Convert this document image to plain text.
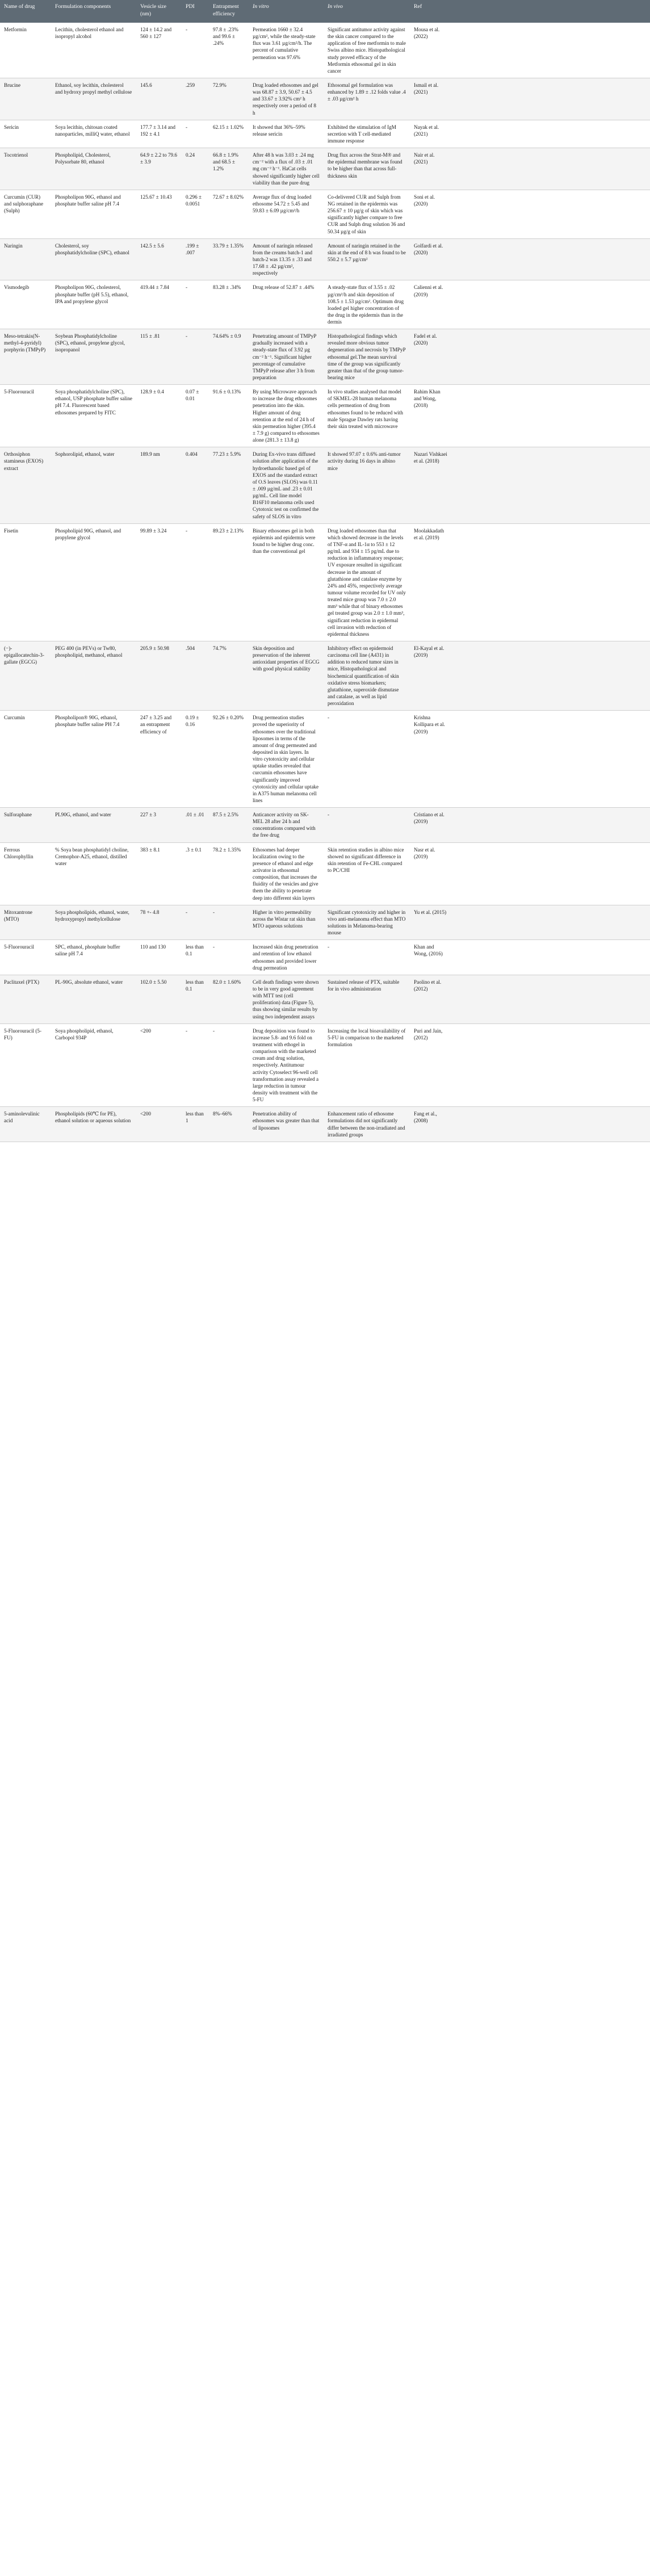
Name of drug	Formulation components	Vesicle size (nm)	PDI	Entrapment efficiency	In vitro	In vivo	Ref	
Metformin	Lecithin, cholesterol ethanol and isopropyl alcohol	124 ± 14.2 and 560 ± 127	-	97.8 ± .23% and 99.6 ± .24%	Permeation 1660 ± 32.4 µg/cm², while the steady-state flux was 3.61 µg/cm²/h. The percent of cumulative permeation was 97.6%	Significant antitumor activity against the skin cancer compared to the application of free metformin to male Swiss albino mice. Histopathological study proved efficacy of the Metformin ethosomal gel in skin cancer	Mousa et al. (2022)	
Brucine	Ethanol, soy lecithin, cholesterol and hydroxy propyl methyl cellulose	145.6	.259	72.9%	Drug loaded ethosomes and gel was 68.87 ± 3.9, 50.67 ± 4.5 and 33.67 ± 3.92% cm² h respectively over a period of 8 h	Ethosomal gel formulation was enhanced by 1.89 ± .12 folds value .4 ± .03 µg/cm² h	Ismail et al. (2021)	
Sericin	Soya lecithin, chitosan coated nanoparticles, milliQ water, ethanol	177.7 ± 3.14 and 192 ± 4.1	-	62.15 ± 1.02%	It showed that 36%–59% release sericin	Exhibited the stimulation of IgM secretion with T cell-mediated immune response	Nayak et al. (2021)	
Tocotrienol	Phospholipid, Cholesterol, Polysorbate 80, ethanol	64.9 ± 2.2 to 79.6 ± 3.9	0.24	66.8 ± 1.9% and 68.5 ± 1.2%	After 48 h was 3.03 ± .24 mg cm⁻² with a flux of .03 ± .01 mg cm⁻² h⁻¹. HaCat cells showed significantly higher cell viability than the pure drug	Drug flux across the Strat-M® and the epidermal membrane was found to be higher than that across full-thickness skin	Nair et al. (2021)	
Curcumin (CUR) and sulphoraphane (Sulph)	Phospholipon 90G, ethanol and phosphate buffer saline pH 7.4	125.67 ± 10.43	0.296 ± 0.0051	72.67 ± 8.02%	Average flux of drug loaded ethosome 54.72 ± 5.45 and 59.83 ± 6.09 µg/cm²/h	Co-delivered CUR and Sulph from NG retained in the epidermis was 256.67 ± 10 µg/g of skin which was significantly higher compare to free CUR and Sulph drug solution 36 and 50.34 µg/g of skin	Soni et al. (2020)	
Naringin	Cholesterol, soy phosphatidylcholine (SPC), ethanol	142.5 ± 5.6	.199 ± .007	33.79 ± 1.35%	Amount of naringin released from the creams batch-1 and batch-2 was 13.35 ± .33 and 17.68 ± .42 µg/cm², respectively	Amount of naringin retained in the skin at the end of 8 h was found to be 550.2 ± 5.7 µg/cm²	Golfardi et al. (2020)	
Vismodegib	Phospholipon 90G, cholesterol, phosphate buffer (pH 5.5), ethanol, IPA and propylene glycol	419.44 ± 7.84	-	83.28 ± .34%	Drug release of 52.87 ± .44%	A steady-state flux of 3.55 ± .02 µg/cm²/h and skin deposition of 108.5 ± 1.53 µg/cm². Optimum drug loaded gel higher concentration of the drug in the epidermis than in the dermis	Calienni et al. (2019)	
Meso-tetrakis(N-methyl-4-pyridyl) porphyrin (TMPyP)	Soybean Phosphatidylcholine (SPC), ethanol, propylene glycol, isopropanol	115 ± .81	-	74.64% ± 0.9	Penetrating amount of TMPyP gradually increased with a steady-state flux of 3.92 µg cm⁻² h⁻¹. Significant higher percentage of cumulative TMPyP release after 3 h from preparation	Histopathological findings which revealed more obvious tumor degeneration and necrosis by TMPyP ethosomal gel.The mean survival time of the group was significantly greater than that of the group tumor-bearing mice	Fadel et al. (2020)	
5-Fluorouracil	Soya phosphatidylcholine (SPC), ethanol, USP phosphate buffer saline pH 7.4. Fluorescent based ethosomes prepared by FITC	128.9 ± 0.4	0.07 ± 0.01	91.6 ± 0.13%	By using Microwave approach to increase the drug ethosomes penetration into the skin. Higher amount of drug retention at the end of 24 h of skin permeation higher (395.4 ± 7.9 g) compared to ethosomes alone (281.3 ± 13.8 g)	In vivo studies analysed that model of SKMEL-28 human melanoma cells permeation of drug from ethosomes found to be reduced with male Sprague Dawley rats having their skin treated with microwave	Rahim Khan and Wong, (2018)	
Orthosiphon stamineus (EXOS) extract	Sophorolipid, ethanol, water	189.9 nm	0.404	77.23 ± 5.9%	During Ex-vivo trans diffused solution after application of the hydroethanolic based gel of EXOS and the standard extract of O.S leaves (SLOS) was 0.11 ± .009 µg/mL and .23 ± 0.01 µg/mL. Cell line model B16F10 melanoma cells used Cytotoxic test on confirmed the safety of SLOS in vitro	It showed 97.07 ± 0.6% anti-tumor activity during 16 days in albino mice	Nazari Vishkaei et al. (2018)	
Fisetin	Phospholipid 90G, ethanol, and propylene glycol	99.89 ± 3.24	-	89.23 ± 2.13%	Binary ethosomes gel in both epidermis and epidermis were found to be higher drug conc. than the conventional gel	Drug loaded ethosomes than that which showed decrease in the levels of TNF-α and IL-1α to 553 ± 12 pg/mL and 934 ± 15 pg/mL due to reduction in inflammatory response; UV exposure resulted in significant decrease in the amount of glutathione and catalase enzyme by 24% and 45%, respectively average tumour volume recorded for UV only treated mice group was 7.0 ± 2.0 mm³ while that of binary ethosomes gel treated group was 2.0 ± 1.0 mm³, significant reduction in epidermal cell invasion with reduction of epidermal thickness	Moolakkadath et al. (2019)	
(−)-epigallocatechin-3-gallate (EGCG)	PEG 400 (in PEVs) or Tw80, phospholipid, methanol, ethanol	205.9 ± 50.98	.504	74.7%	Skin deposition and preservation of the inherent antioxidant properties of EGCG with good physical stability	Inhibitory effect on epidermoid carcinoma cell line (A431) in addition to reduced tumor sizes in mice, Histopathological and biochemical quantification of skin oxidative stress biomarkers; glutathione, superoxide dismutase and catalase, as well as lipid peroxidation	El-Kayal et al. (2019)	
Curcumin	Phospholipon® 90G, ethanol, phosphate buffer saline PH 7.4	247 ± 3.25 and an entrapment efficiency of	0.19 ± 0.16	92.26 ± 0.20%	Drug permeation studies proved the superiority of ethosomes over the traditional liposomes in terms of the amount of drug permeated and deposited in skin layers. In vitro cytotoxicity and cellular uptake studies revealed that curcumin ethosomes have significantly improved cytotoxicity and cellular uptake in A375 human melanoma cell lines	-	Krishna Kollipara et al. (2019)	
Sulforaphane	PL90G, ethanol, and water	227 ± 3	.01 ± .01	87.5 ± 2.5%	Anticancer activity on SK-MEL 28 after 24 h and concentrations compared with the free drug	-	Cristiano et al. (2019)	
Ferrous Chlorophyllin	% Soya bean phosphatidyl choline, Cremophor-A25, ethanol, distilled water	383 ± 8.1	.3 ± 0.1	78.2 ± 1.35%	Ethosomes had deeper localization owing to the presence of ethanol and edge activator in ethosomal composition, that increases the fluidity of the vesicles and give them the ability to penetrate deep into different skin layers	Skin retention studies in albino mice showed no significant difference in skin retention of Fe-CHL compared to PC/CHI	Nasr et al. (2019)	
Mitoxantrone (MTO)	Soya phospholipids, ethanol, water, hydroxypropyl methylcellulose	78 +- 4.8	-	-	Higher in vitro permeability across the Wistar rat skin than MTO aqueous solutions	Significant cytotoxicity and higher in vivo anti-melanoma effect than MTO solutions in Melanoma-bearing mouse	Yu et al. (2015)	
5-Fluorouracil	SPC, ethanol, phosphate buffer saline pH 7.4	110 and 130	less than 0.1	-	Increased skin drug penetration and retention of low ethanol ethosomes and provided lower drug permeation	-	Khan and Wong, (2016)	
Paclitaxel (PTX)	PL-90G, absolute ethanol, water	102.0 ± 5.50	less than 0.1	82.0 ± 1.60%	Cell death findings were shown to be in very good agreement with MTT test (cell proliferation) data (Figure 5), thus showing similar results by using two independent assays	Sustained release of PTX, suitable for in vivo administration	Paolino et al. (2012)	
5-Fluorouracil (5-FU)	Soya phospholipid, ethanol, Carbopol 934P	<200	-	-	Drug deposition was found to increase 5.8- and 9.6 fold on treatment with ethogel in comparison with the marketed cream and drug solution, respectively. Antitumour activity Cytoselect 96-well cell transformation assay revealed a large reduction in tumour density with treatment with the 5-FU	Increasing the local bioavailability of 5-FU in comparison to the marketed formulation	Puri and Jain, (2012)	
5-aminolevulinic acid	Phospholipids (60℃ for PE), ethanol solution or aqueous solution	<200	less than 1	8%–66%	Penetration ability of ethosomes was greater than that of liposomes	Enhancement ratio of ethosome formulations did not significantly differ between the non-irradiated and irradiated groups	Fang et al., (2008)	
